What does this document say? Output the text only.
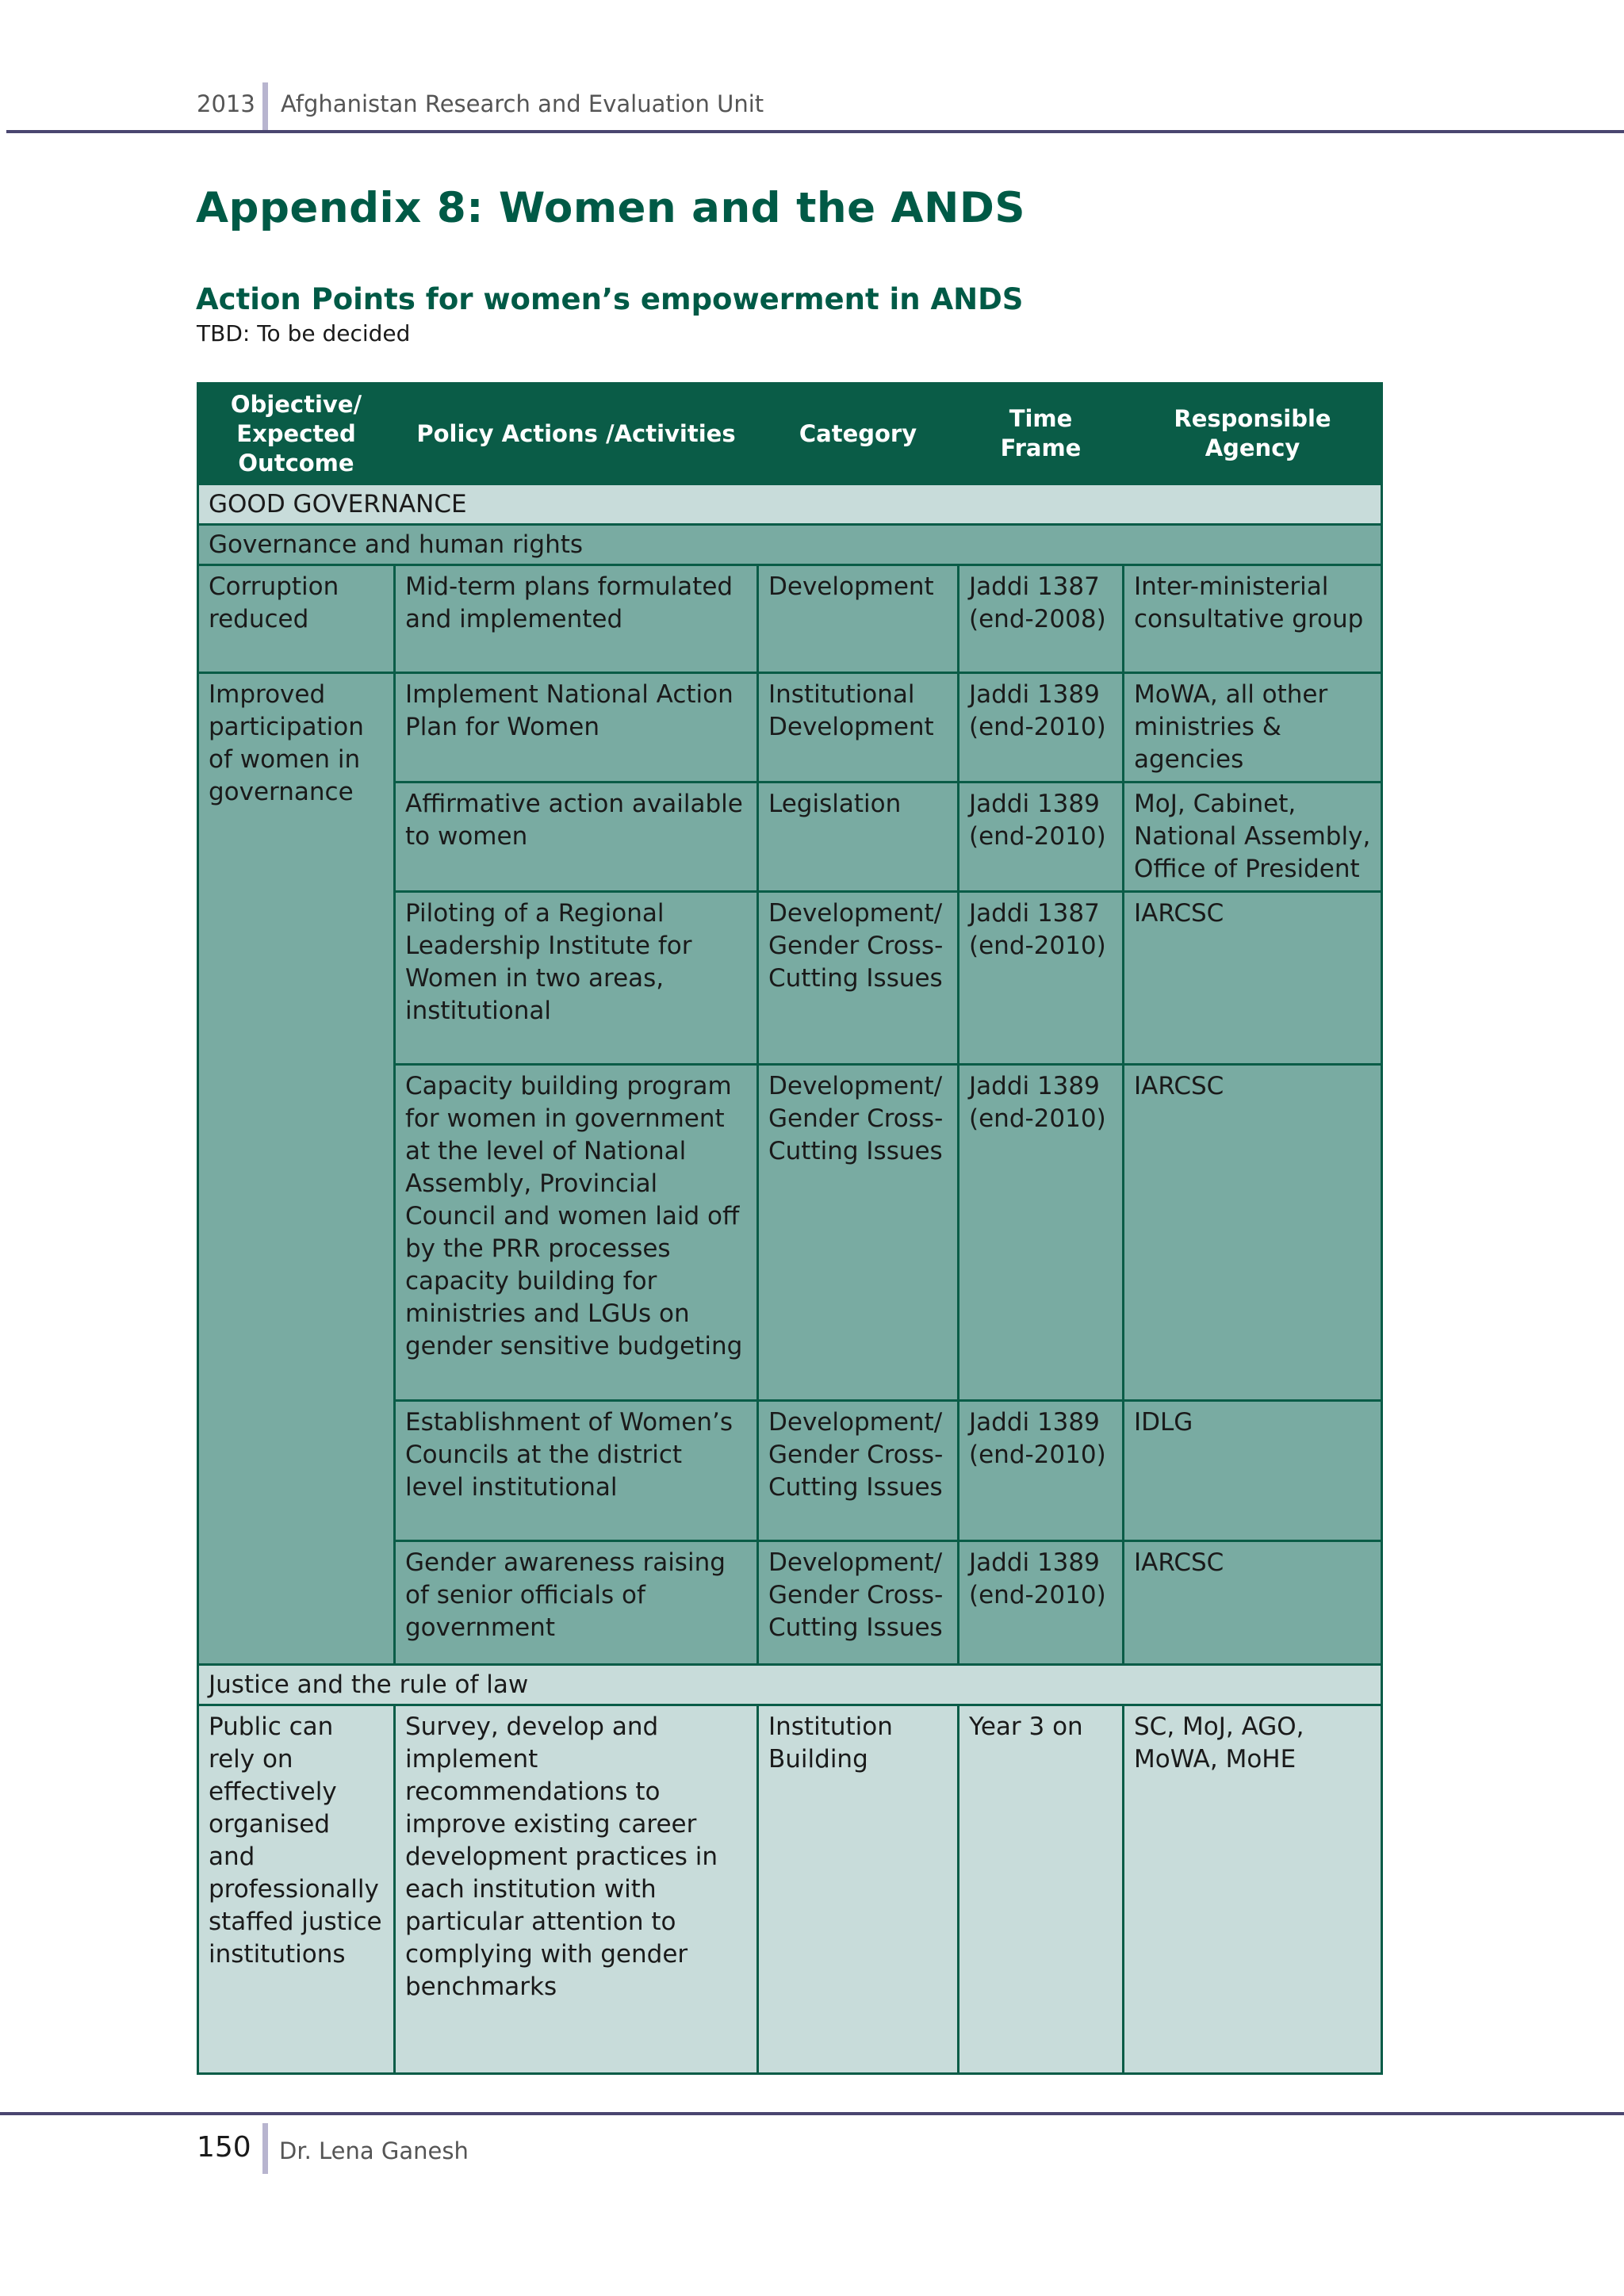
2013 Afghanistan Research and Evaluation Unit
Appendix 8: Women and the ANDS
Action Points for women’s empowerment in ANDS
TBD: To be decided
Objective/ Expected Outcome	Policy Actions /Activities	Category	Time Frame	Responsible Agency
GOOD GOVERNANCE				
Governance and human rights				
Corruption reduced	Mid-term plans formulated and implemented	Development	Jaddi 1387 (end-2008)	Inter-ministerial consultative group
Improved participation of women in governance	Implement National Action Plan for Women	Institutional Development	Jaddi 1389 (end-2010)	MoWA, all other ministries & agencies
	Affirmative action available to women	Legislation	Jaddi 1389 (end-2010)	MoJ, Cabinet, National Assembly, Office of President
	Piloting of a Regional Leadership Institute for Women in two areas, institutional	Development/ Gender Cross-Cutting Issues	Jaddi 1387 (end-2010)	IARCSC
	Capacity building program for women in government at the level of National Assembly, Provincial Council and women laid off by the PRR processes capacity building for ministries and LGUs on gender sensitive budgeting	Development/ Gender Cross-Cutting Issues	Jaddi 1389 (end-2010)	IARCSC
	Establishment of Women’s Councils at the district level institutional	Development/ Gender Cross-Cutting Issues	Jaddi 1389 (end-2010)	IDLG
	Gender awareness raising of senior officials of government	Development/ Gender Cross-Cutting Issues	Jaddi 1389 (end-2010)	IARCSC
Justice and the rule of law				
Public can rely on effectively organised and professionally staffed justice institutions	Survey, develop and implement recommendations to improve existing career development practices in each institution with particular attention to complying with gender benchmarks	Institution Building	Year 3 on	SC, MoJ, AGO, MoWA, MoHE
150 Dr. Lena Ganesh
